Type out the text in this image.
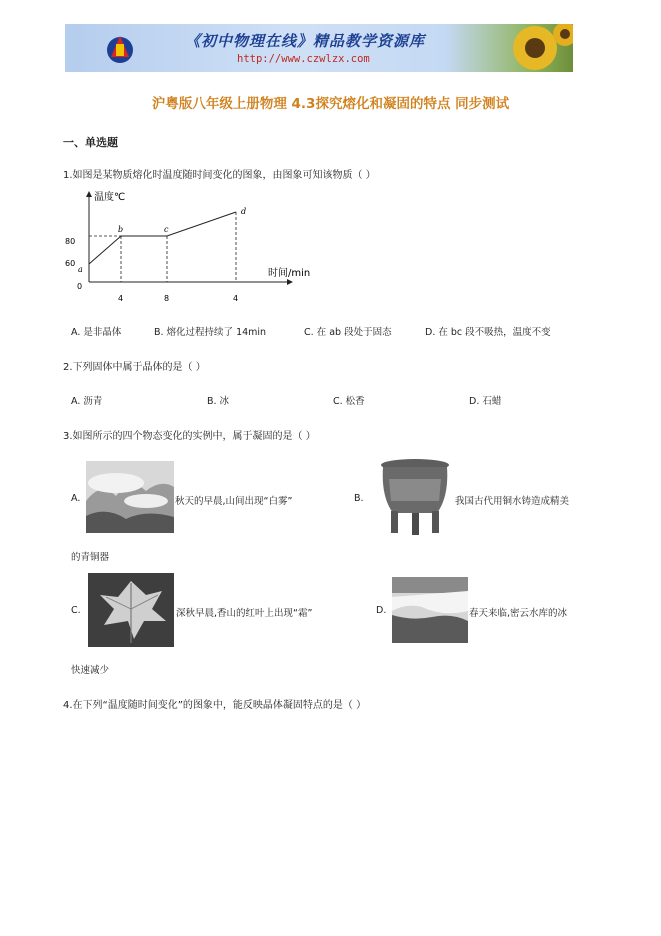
《初中物理在线》精品教学资源库
http://www.czwlzx.com
沪粤版八年级上册物理 4.3探究熔化和凝固的特点 同步测试
一、单选题
1.如图是某物质熔化时温度随时间变化的图象，由图象可知该物质（ ）
温度℃
时间/min
80
60
0
4	8	4
a
b	c
d
A. 是非晶体	B. 熔化过程持续了 14min	C. 在 ab 段处于固态	D. 在 bc 段不吸热，温度不变
2.下列固体中属于晶体的是（ ）
A. 沥青	B. 冰	C. 松香	D. 石蜡
3.如图所示的四个物态变化的实例中，属于凝固的是（ ）
A.	秋天的早晨,山间出现“白雾”	B.	我国古代用铜水铸造成精美
的青铜器
C.	深秋早晨,香山的红叶上出现“霜”	D.	春天来临,密云水库的冰
快速减少
4.在下列“温度随时间变化”的图象中，能反映晶体凝固特点的是（ ）
